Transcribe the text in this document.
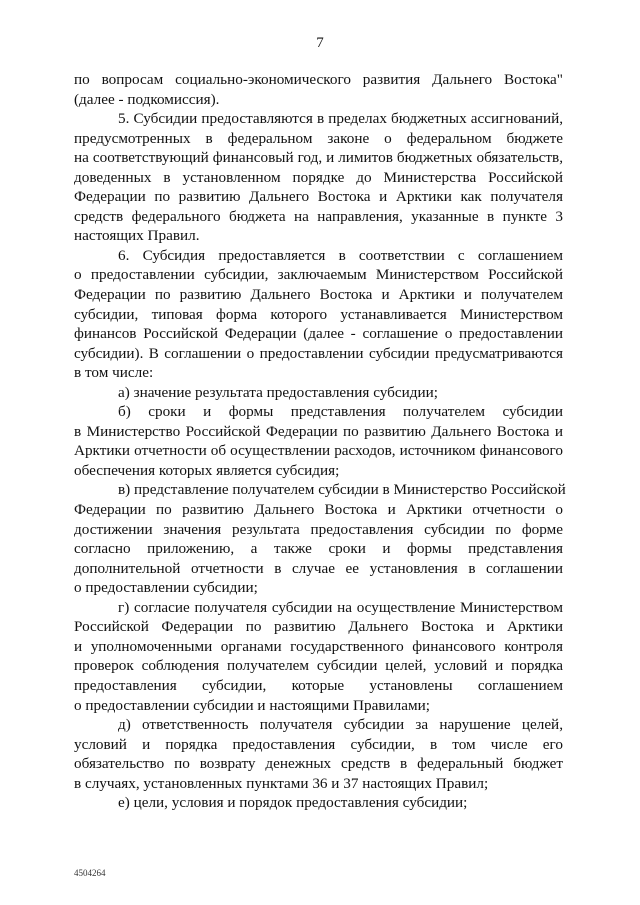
7
по вопросам социально-экономического развития Дальнего Востока"
(далее - подкомиссия).
5. Субсидии предоставляются в пределах бюджетных ассигнований,
предусмотренных в федеральном законе о федеральном бюджете
на соответствующий финансовый год, и лимитов бюджетных обязательств,
доведенных в установленном порядке до Министерства Российской
Федерации по развитию Дальнего Востока и Арктики как получателя
средств федерального бюджета на направления, указанные в пункте 3
настоящих Правил.
6. Субсидия предоставляется в соответствии с соглашением
о предоставлении субсидии, заключаемым Министерством Российской
Федерации по развитию Дальнего Востока и Арктики и получателем
субсидии, типовая форма которого устанавливается Министерством
финансов Российской Федерации (далее - соглашение о предоставлении
субсидии). В соглашении о предоставлении субсидии предусматриваются
в том числе:
а) значение результата предоставления субсидии;
б) сроки и формы представления получателем субсидии
в Министерство Российской Федерации по развитию Дальнего Востока и
Арктики отчетности об осуществлении расходов, источником финансового
обеспечения которых является субсидия;
в) представление получателем субсидии в Министерство Российской
Федерации по развитию Дальнего Востока и Арктики отчетности о
достижении значения результата предоставления субсидии по форме
согласно приложению, а также сроки и формы представления
дополнительной отчетности в случае ее установления в соглашении
о предоставлении субсидии;
г) согласие получателя субсидии на осуществление Министерством
Российской Федерации по развитию Дальнего Востока и Арктики
и уполномоченными органами государственного финансового контроля
проверок соблюдения получателем субсидии целей, условий и порядка
предоставления субсидии, которые установлены соглашением
о предоставлении субсидии и настоящими Правилами;
д) ответственность получателя субсидии за нарушение целей,
условий и порядка предоставления субсидии, в том числе его
обязательство по возврату денежных средств в федеральный бюджет
в случаях, установленных пунктами 36 и 37 настоящих Правил;
е) цели, условия и порядок предоставления субсидии;
4504264
